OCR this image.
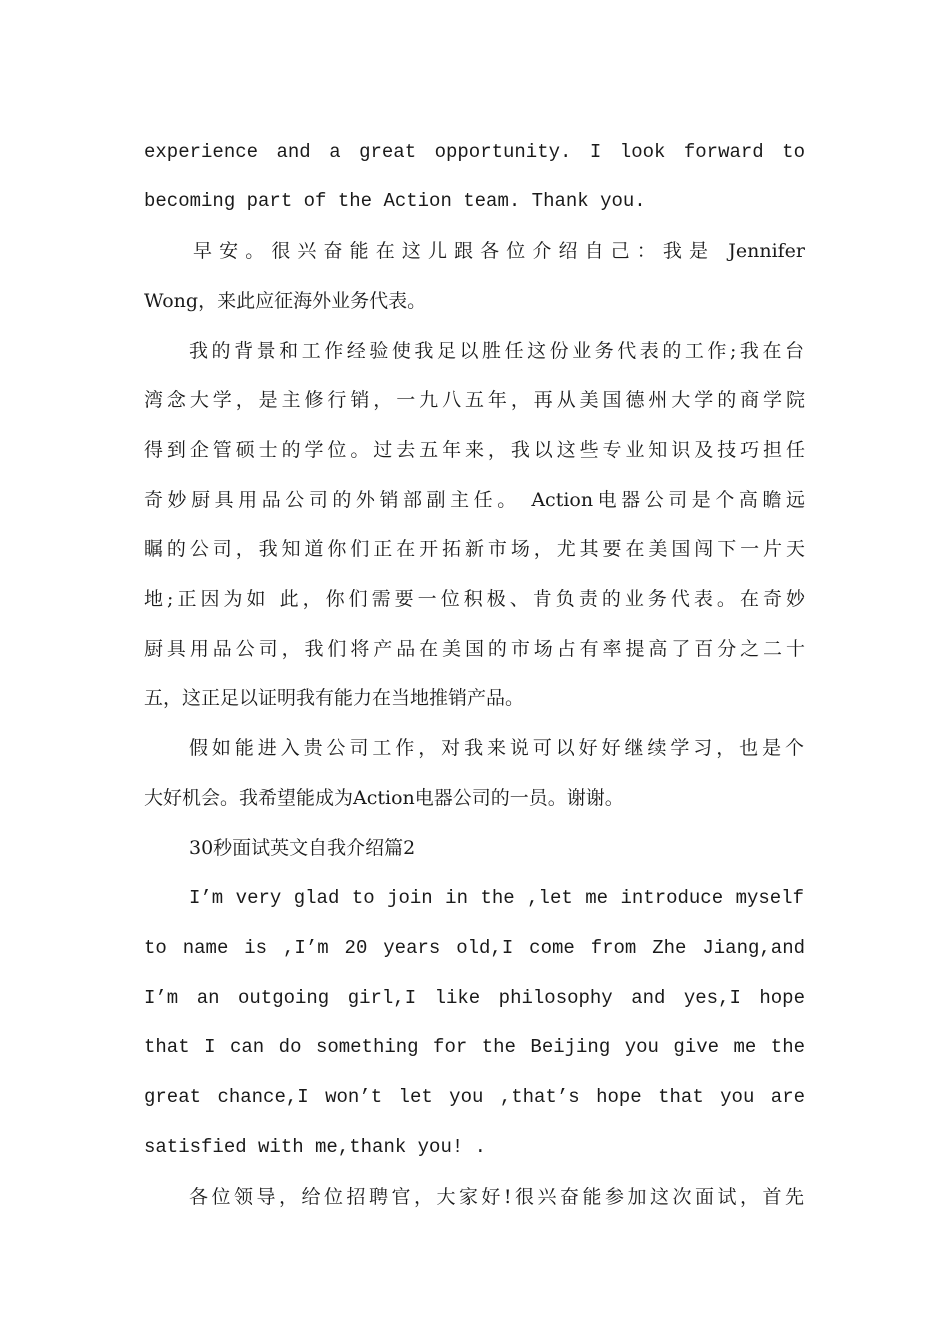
experience and a great opportunity. I look forward to

becoming part of the Action team. Thank you.

早安。很兴奋能在这儿跟各位介绍自己：我是 Jennifer

Wong，来此应征海外业务代表。

我的背景和工作经验使我足以胜任这份业务代表的工作;我在台

湾念大学，是主修行销，一九八五年，再从美国德州大学的商学院

得到企管硕士的学位。过去五年来，我以这些专业知识及技巧担任

奇妙厨具用品公司的外销部副主任。 Action电器公司是个高瞻远

瞩的公司，我知道你们正在开拓新市场，尤其要在美国闯下一片天

地;正因为如 此，你们需要一位积极、肯负责的业务代表。在奇妙

厨具用品公司，我们将产品在美国的市场占有率提高了百分之二十

五，这正足以证明我有能力在当地推销产品。

假如能进入贵公司工作，对我来说可以好好继续学习，也是个

大好机会。我希望能成为Action电器公司的一员。谢谢。

30秒面试英文自我介绍篇2

I’m very glad to join in the ,let me introduce myself

to name is ,I’m 20 years old,I come from Zhe Jiang,and

I’m an outgoing girl,I like philosophy and yes,I hope

that I can do something for the Beijing you give me the

great chance,I won’t let you ,that’s hope that you are

satisfied with me,thank you! .

各位领导，给位招聘官，大家好!很兴奋能参加这次面试，首先
